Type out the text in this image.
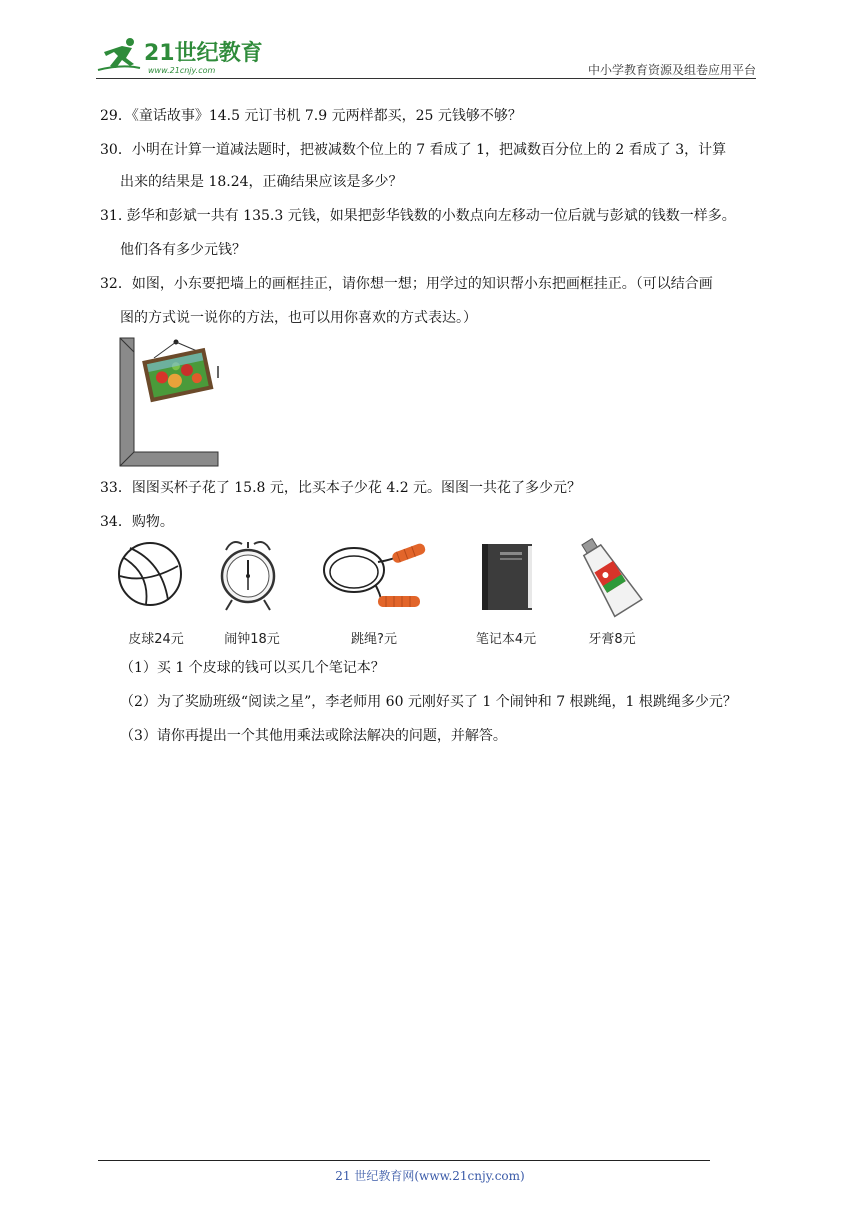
21世纪教育
www.21cnjy.com	中小学教育资源及组卷应用平台
29．《童话故事》14.5 元订书机 7.9 元两样都买，25 元钱够不够？
30．小明在计算一道减法题时，把被减数个位上的 7 看成了 1，把减数百分位上的 2 看成了 3，计算
出来的结果是 18.24，正确结果应该是多少？
31. 彭华和彭斌一共有 135.3 元钱，如果把彭华钱数的小数点向左移动一位后就与彭斌的钱数一样多。
他们各有多少元钱？
32．如图，小东要把墙上的画框挂正，请你想一想；用学过的知识帮小东把画框挂正。（可以结合画
图的方式说一说你的方法，也可以用你喜欢的方式表达。）
33．图图买杯子花了 15.8 元，比买本子少花 4.2 元。图图一共花了多少元？
34．购物。
皮球24元	闹钟18元	跳绳?元	笔记本4元	牙膏8元
（1）买 1 个皮球的钱可以买几个笔记本？
（2）为了奖励班级“阅读之星”，李老师用 60 元刚好买了 1 个闹钟和 7 根跳绳，1 根跳绳多少元？
（3）请你再提出一个其他用乘法或除法解决的问题，并解答。
21 世纪教育网(www.21cnjy.com)
